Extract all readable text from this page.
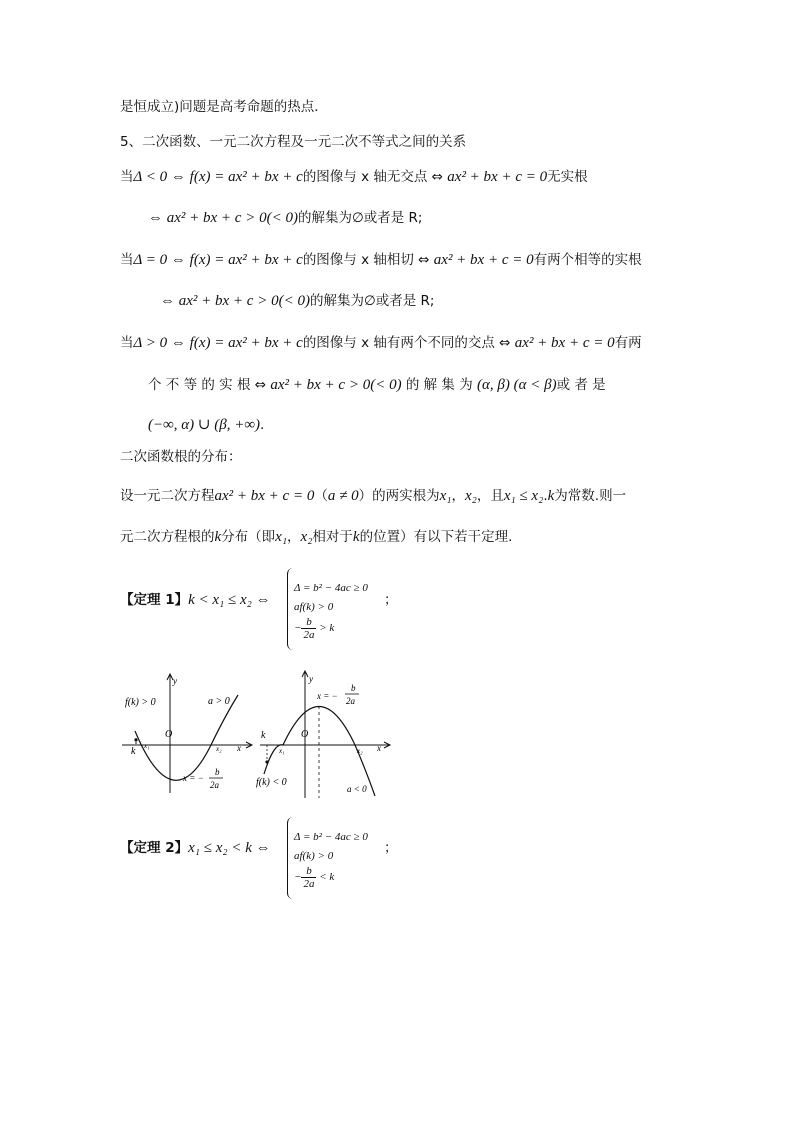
是恒成立)问题是高考命题的热点．
5、二次函数、一元二次方程及一元二次不等式之间的关系
当Δ < 0 ⇔ f(x) = ax² + bx + c的图像与 x 轴无交点 ⇔ ax² + bx + c = 0无实根
⇔ ax² + bx + c > 0(< 0)的解集为∅或者是 R;
当Δ = 0 ⇔ f(x) = ax² + bx + c的图像与 x 轴相切 ⇔ ax² + bx + c = 0有两个相等的实根
⇔ ax² + bx + c > 0(< 0)的解集为∅或者是 R;
当Δ > 0 ⇔ f(x) = ax² + bx + c的图像与 x 轴有两个不同的交点 ⇔ ax² + bx + c = 0有两
个 不 等 的 实 根 ⇔ ax² + bx + c > 0(< 0) 的 解 集 为 (α, β) (α < β)或 者 是
(−∞, α) ∪ (β, +∞).
二次函数根的分布：
设一元二次方程ax² + bx + c = 0（a ≠ 0）的两实根为x₁，x₂，且x₁ ≤ x₂.k为常数.则一
元二次方程根的k分布（即x₁，x₂相对于k的位置）有以下若干定理.
【定理 1】k < x₁ ≤ x₂ ⇔
Δ = b² − 4ac ≥ 0
af(k) > 0
− $\frac{b}{2a} > k$
；
f(k) > 0	a > 0
y
x
O
k x₁	x₂
x = −
b
2a
y
x
O
k
x₁	x₂
f(k) < 0
a < 0
x = −
b
2a
【定理 2】x₁ ≤ x₂ < k ⇔
Δ = b² − 4ac ≥ 0
af(k) > 0
− $\frac{b}{2a} < k$
；
